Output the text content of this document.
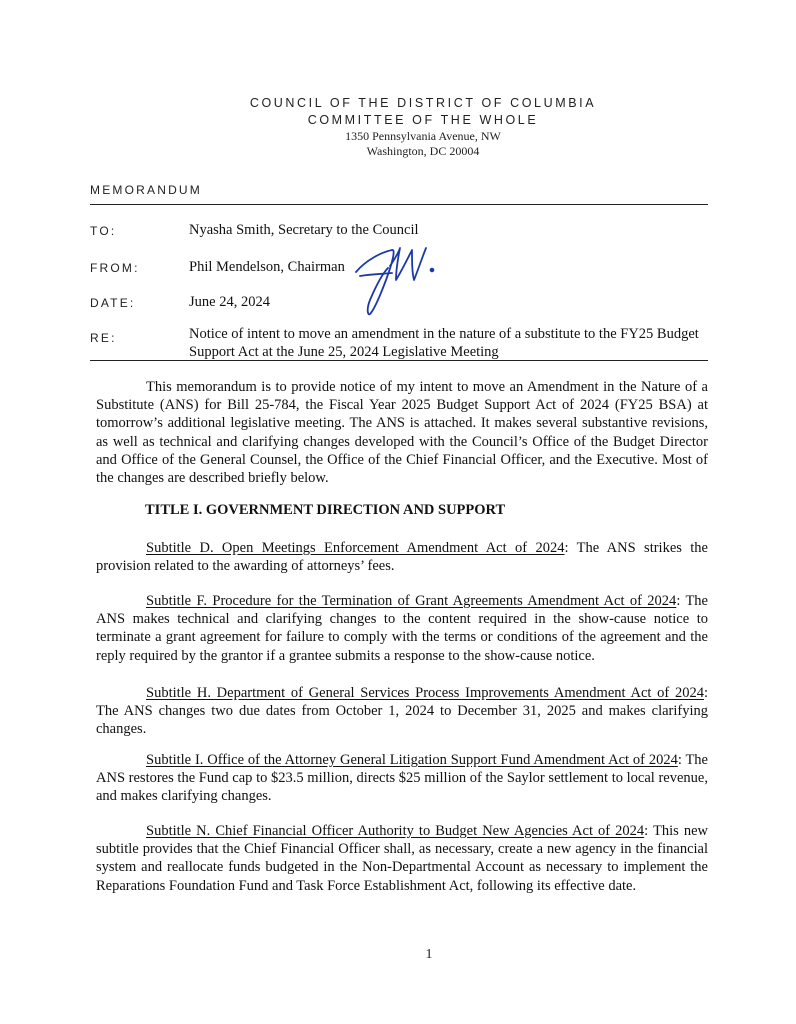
COUNCIL OF THE DISTRICT OF COLUMBIA
COMMITTEE OF THE WHOLE
1350 Pennsylvania Avenue, NW
Washington, DC 20004
MEMORANDUM
TO:	Nyasha Smith, Secretary to the Council
FROM:	Phil Mendelson, Chairman
DATE:	June 24, 2024
RE:	Notice of intent to move an amendment in the nature of a substitute to the FY25 Budget Support Act at the June 25, 2024 Legislative Meeting
This memorandum is to provide notice of my intent to move an Amendment in the Nature of a Substitute (ANS) for Bill 25-784, the Fiscal Year 2025 Budget Support Act of 2024 (FY25 BSA) at tomorrow’s additional legislative meeting. The ANS is attached. It makes several substantive revisions, as well as technical and clarifying changes developed with the Council’s Office of the Budget Director and Office of the General Counsel, the Office of the Chief Financial Officer, and the Executive. Most of the changes are described briefly below.
TITLE I. GOVERNMENT DIRECTION AND SUPPORT
Subtitle D. Open Meetings Enforcement Amendment Act of 2024: The ANS strikes the provision related to the awarding of attorneys’ fees.
Subtitle F. Procedure for the Termination of Grant Agreements Amendment Act of 2024: The ANS makes technical and clarifying changes to the content required in the show-cause notice to terminate a grant agreement for failure to comply with the terms or conditions of the agreement and the reply required by the grantor if a grantee submits a response to the show-cause notice.
Subtitle H. Department of General Services Process Improvements Amendment Act of 2024: The ANS changes two due dates from October 1, 2024 to December 31, 2025 and makes clarifying changes.
Subtitle I. Office of the Attorney General Litigation Support Fund Amendment Act of 2024: The ANS restores the Fund cap to $23.5 million, directs $25 million of the Saylor settlement to local revenue, and makes clarifying changes.
Subtitle N. Chief Financial Officer Authority to Budget New Agencies Act of 2024: This new subtitle provides that the Chief Financial Officer shall, as necessary, create a new agency in the financial system and reallocate funds budgeted in the Non-Departmental Account as necessary to implement the Reparations Foundation Fund and Task Force Establishment Act, following its effective date.
1
